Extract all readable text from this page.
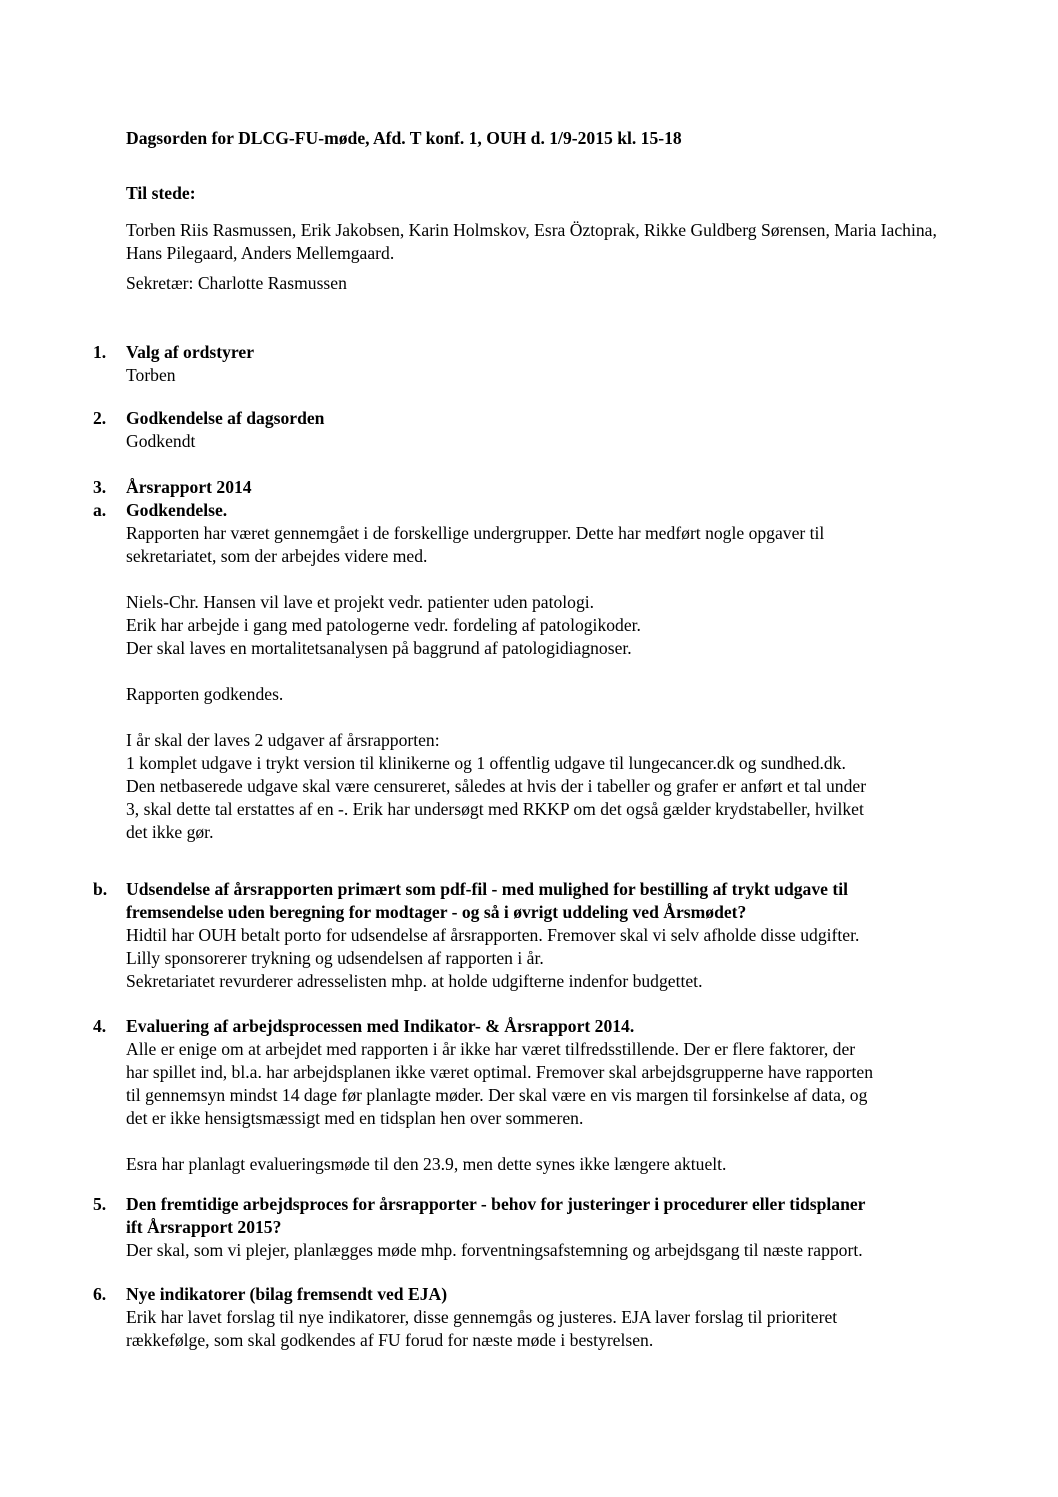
Dagsorden for DLCG-FU-møde, Afd. T konf. 1, OUH d. 1/9-2015 kl. 15-18
Til stede:
Torben Riis Rasmussen, Erik Jakobsen, Karin Holmskov, Esra Öztoprak, Rikke Guldberg Sørensen, Maria Iachina, Hans Pilegaard, Anders Mellemgaard.
Sekretær: Charlotte Rasmussen
1. Valg af ordstyrer
Torben
2. Godkendelse af dagsorden
Godkendt
3. Årsrapport 2014
a. Godkendelse.
Rapporten har været gennemgået i de forskellige undergrupper. Dette har medført nogle opgaver til
sekretariatet, som der arbejdes videre med.
Niels-Chr. Hansen vil lave et projekt vedr. patienter uden patologi.
Erik har arbejde i gang med patologerne vedr. fordeling af patologikoder.
Der skal laves en mortalitetsanalysen på baggrund af patologidiagnoser.
Rapporten godkendes.
I år skal der laves 2 udgaver af årsrapporten:
1 komplet udgave i trykt version til klinikerne og 1 offentlig udgave til lungecancer.dk og sundhed.dk.
Den netbaserede udgave skal være censureret, således at hvis der i tabeller og grafer er anført et tal under
3, skal dette tal erstattes af en -. Erik har undersøgt med RKKP om det også gælder krydstabeller, hvilket
det ikke gør.
b. Udsendelse af årsrapporten primært som pdf-fil - med mulighed for bestilling af trykt udgave til
fremsendelse uden beregning for modtager - og så i øvrigt uddeling ved Årsmødet?
Hidtil har OUH betalt porto for udsendelse af årsrapporten. Fremover skal vi selv afholde disse udgifter.
Lilly sponsorerer trykning og udsendelsen af rapporten i år.
Sekretariatet revurderer adresselisten mhp. at holde udgifterne indenfor budgettet.
4. Evaluering af arbejdsprocessen med Indikator- & Årsrapport 2014.
Alle er enige om at arbejdet med rapporten i år ikke har været tilfredsstillende. Der er flere faktorer, der
har spillet ind, bl.a. har arbejdsplanen ikke været optimal. Fremover skal arbejdsgrupperne have rapporten
til gennemsyn mindst 14 dage før planlagte møder. Der skal være en vis margen til forsinkelse af data, og
det er ikke hensigtsmæssigt med en tidsplan hen over sommeren.
Esra har planlagt evalueringsmøde til den 23.9, men dette synes ikke længere aktuelt.
5. Den fremtidige arbejdsproces for årsrapporter - behov for justeringer i procedurer eller tidsplaner
ift Årsrapport 2015?
Der skal, som vi plejer, planlægges møde mhp. forventningsafstemning og arbejdsgang til næste rapport.
6. Nye indikatorer (bilag fremsendt ved EJA)
Erik har lavet forslag til nye indikatorer, disse gennemgås og justeres. EJA laver forslag til prioriteret
rækkefølge, som skal godkendes af FU forud for næste møde i bestyrelsen.
